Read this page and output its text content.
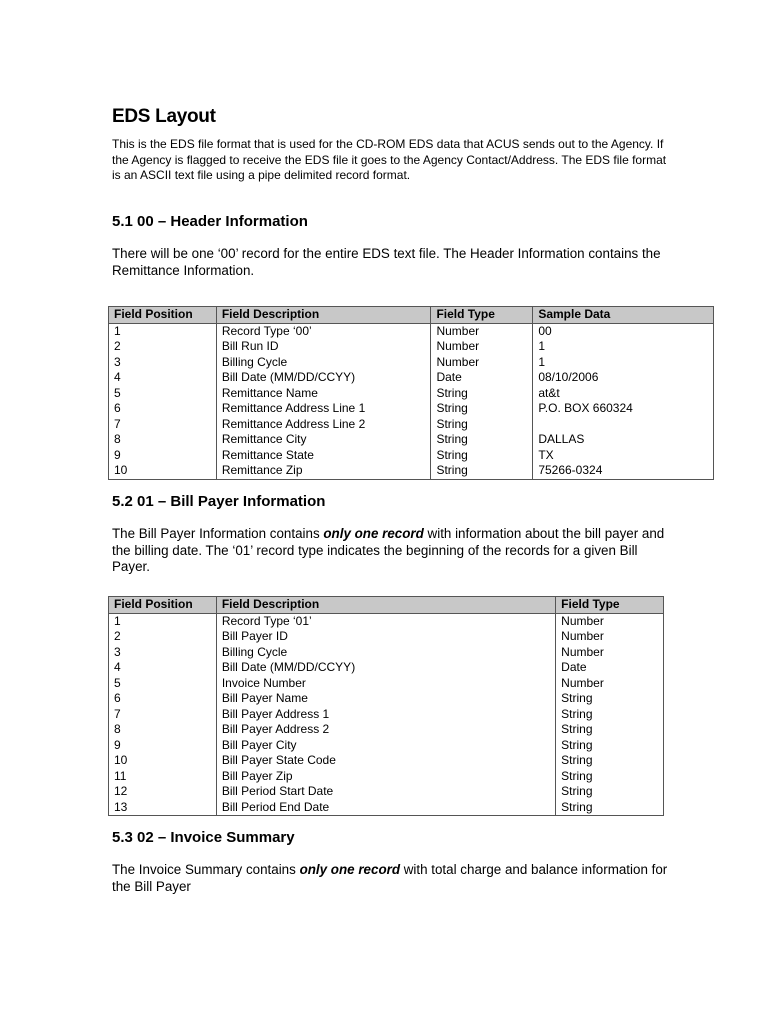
EDS Layout

This is the EDS file format that is used for the CD-ROM EDS data that ACUS sends out to the Agency. If the Agency is flagged to receive the EDS file it goes to the Agency Contact/Address. The EDS file format is an ASCII text file using a pipe delimited record format.

5.1 00 – Header Information

There will be one ‘00’ record for the entire EDS text file. The Header Information contains the Remittance Information.

5.2 01 – Bill Payer Information

The Bill Payer Information contains only one record with information about the bill payer and the billing date. The ‘01’ record type indicates the beginning of the records for a given Bill Payer.

5.3 02 – Invoice Summary

The Invoice Summary contains only one record with total charge and balance information for the Bill Payer

Field Position	Field Description	Field Type	Sample Data
1	Record Type ‘00’	Number	00
2	Bill Run ID	Number	1
3	Billing Cycle	Number	1
4	Bill Date (MM/DD/CCYY)	Date	08/10/2006
5	Remittance Name	String	at&t
6	Remittance Address Line 1	String	P.O. BOX 660324
7	Remittance Address Line 2	String	
8	Remittance City	String	DALLAS
9	Remittance State	String	TX
10	Remittance Zip	String	75266-0324
Field Position	Field Description	Field Type
1	Record Type ‘01’	Number
2	Bill Payer ID	Number
3	Billing Cycle	Number
4	Bill Date (MM/DD/CCYY)	Date
5	Invoice Number	Number
6	Bill Payer Name	String
7	Bill Payer Address 1	String
8	Bill Payer Address 2	String
9	Bill Payer City	String
10	Bill Payer State Code	String
11	Bill Payer Zip	String
12	Bill Period Start Date	String
13	Bill Period End Date	String
